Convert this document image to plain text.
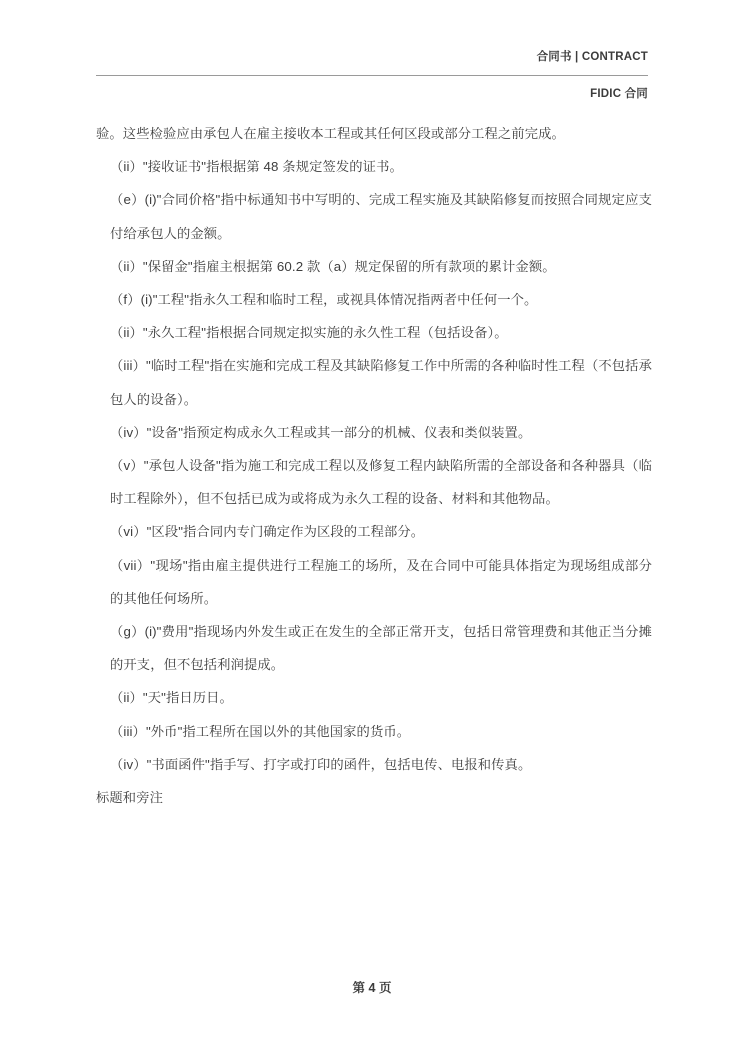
合同书 | CONTRACT
FIDIC 合同

验。这些检验应由承包人在雇主接收本工程或其任何区段或部分工程之前完成。

（ii）"接收证书"指根据第 48 条规定签发的证书。

（e）(i)"合同价格"指中标通知书中写明的、完成工程实施及其缺陷修复而按照合同规定应支付给承包人的金额。

（ii）"保留金"指雇主根据第 60.2 款（a）规定保留的所有款项的累计金额。

（f）(i)"工程"指永久工程和临时工程，或视具体情况指两者中任何一个。

（ii）"永久工程"指根据合同规定拟实施的永久性工程（包括设备）。

（iii）"临时工程"指在实施和完成工程及其缺陷修复工作中所需的各种临时性工程（不包括承包人的设备）。

（iv）"设备"指预定构成永久工程或其一部分的机械、仪表和类似装置。

（v）"承包人设备"指为施工和完成工程以及修复工程内缺陷所需的全部设备和各种器具（临时工程除外），但不包括已成为或将成为永久工程的设备、材料和其他物品。

（vi）"区段"指合同内专门确定作为区段的工程部分。

（vii）"现场"指由雇主提供进行工程施工的场所，及在合同中可能具体指定为现场组成部分的其他任何场所。

（g）(i)"费用"指现场内外发生或正在发生的全部正常开支，包括日常管理费和其他正当分摊的开支，但不包括利润提成。

（ii）"天"指日历日。

（iii）"外币"指工程所在国以外的其他国家的货币。

（iv）"书面函件"指手写、打字或打印的函件，包括电传、电报和传真。

标题和旁注

第 4 页
